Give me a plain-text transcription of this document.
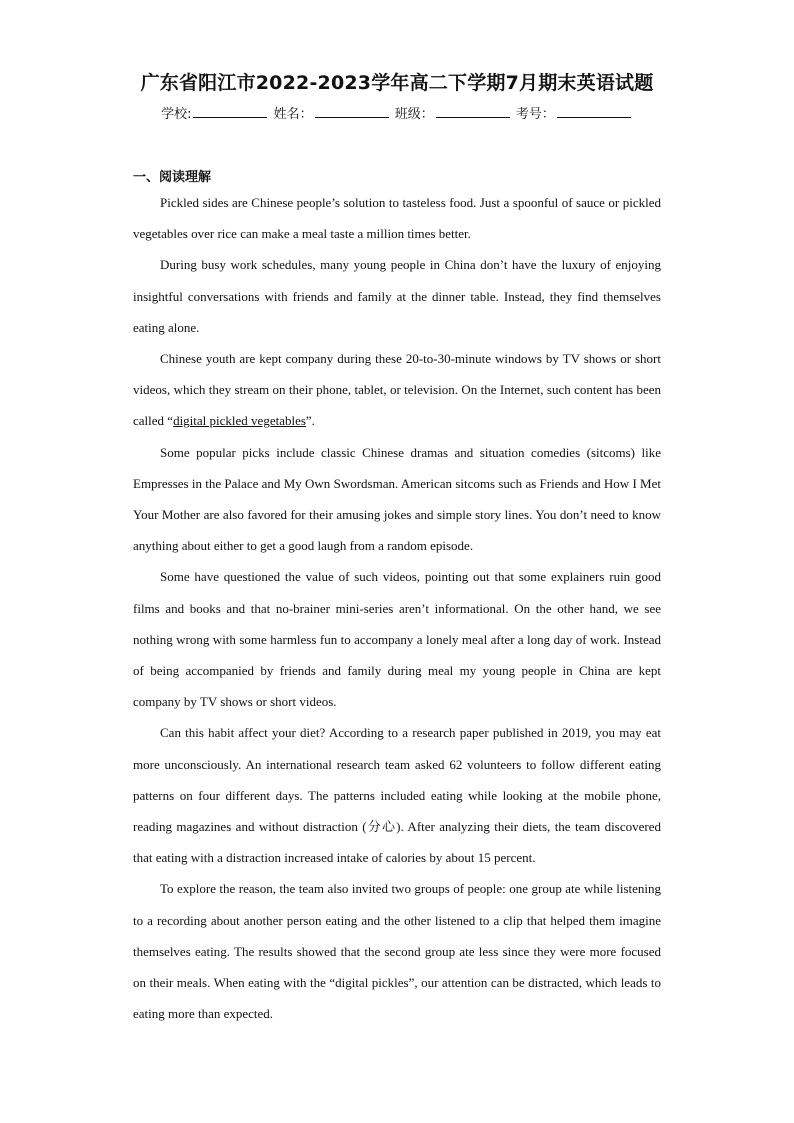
广东省阳江市2022-2023学年高二下学期7月期末英语试题
学校:	姓名：	班级：	考号：
一、阅读理解

Pickled sides are Chinese people’s solution to tasteless food. Just a spoonful of sauce or pickled vegetables over rice can make a meal taste a million times better.

During busy work schedules, many young people in China don’t have the luxury of enjoying insightful conversations with friends and family at the dinner table. Instead, they find themselves eating alone.

Chinese youth are kept company during these 20-to-30-minute windows by TV shows or short videos, which they stream on their phone, tablet, or television. On the Internet, such content has been called “digital pickled vegetables”.

Some popular picks include classic Chinese dramas and situation comedies (sitcoms) like Empresses in the Palace and My Own Swordsman. American sitcoms such as Friends and How I Met Your Mother are also favored for their amusing jokes and simple story lines. You don’t need to know anything about either to get a good laugh from a random episode.

Some have questioned the value of such videos, pointing out that some explainers ruin good films and books and that no-brainer mini-series aren’t informational. On the other hand, we see nothing wrong with some harmless fun to accompany a lonely meal after a long day of work. Instead of being accompanied by friends and family during meal my young people in China are kept company by TV shows or short videos.

Can this habit affect your diet? According to a research paper published in 2019, you may eat more unconsciously. An international research team asked 62 volunteers to follow different eating patterns on four different days. The patterns included eating while looking at the mobile phone, reading magazines and without distraction (分心). After analyzing their diets, the team discovered that eating with a distraction increased intake of calories by about 15 percent.

To explore the reason, the team also invited two groups of people: one group ate while listening to a recording about another person eating and the other listened to a clip that helped them imagine themselves eating. The results showed that the second group ate less since they were more focused on their meals. When eating with the “digital pickles”, our attention can be distracted, which leads to eating more than expected.
